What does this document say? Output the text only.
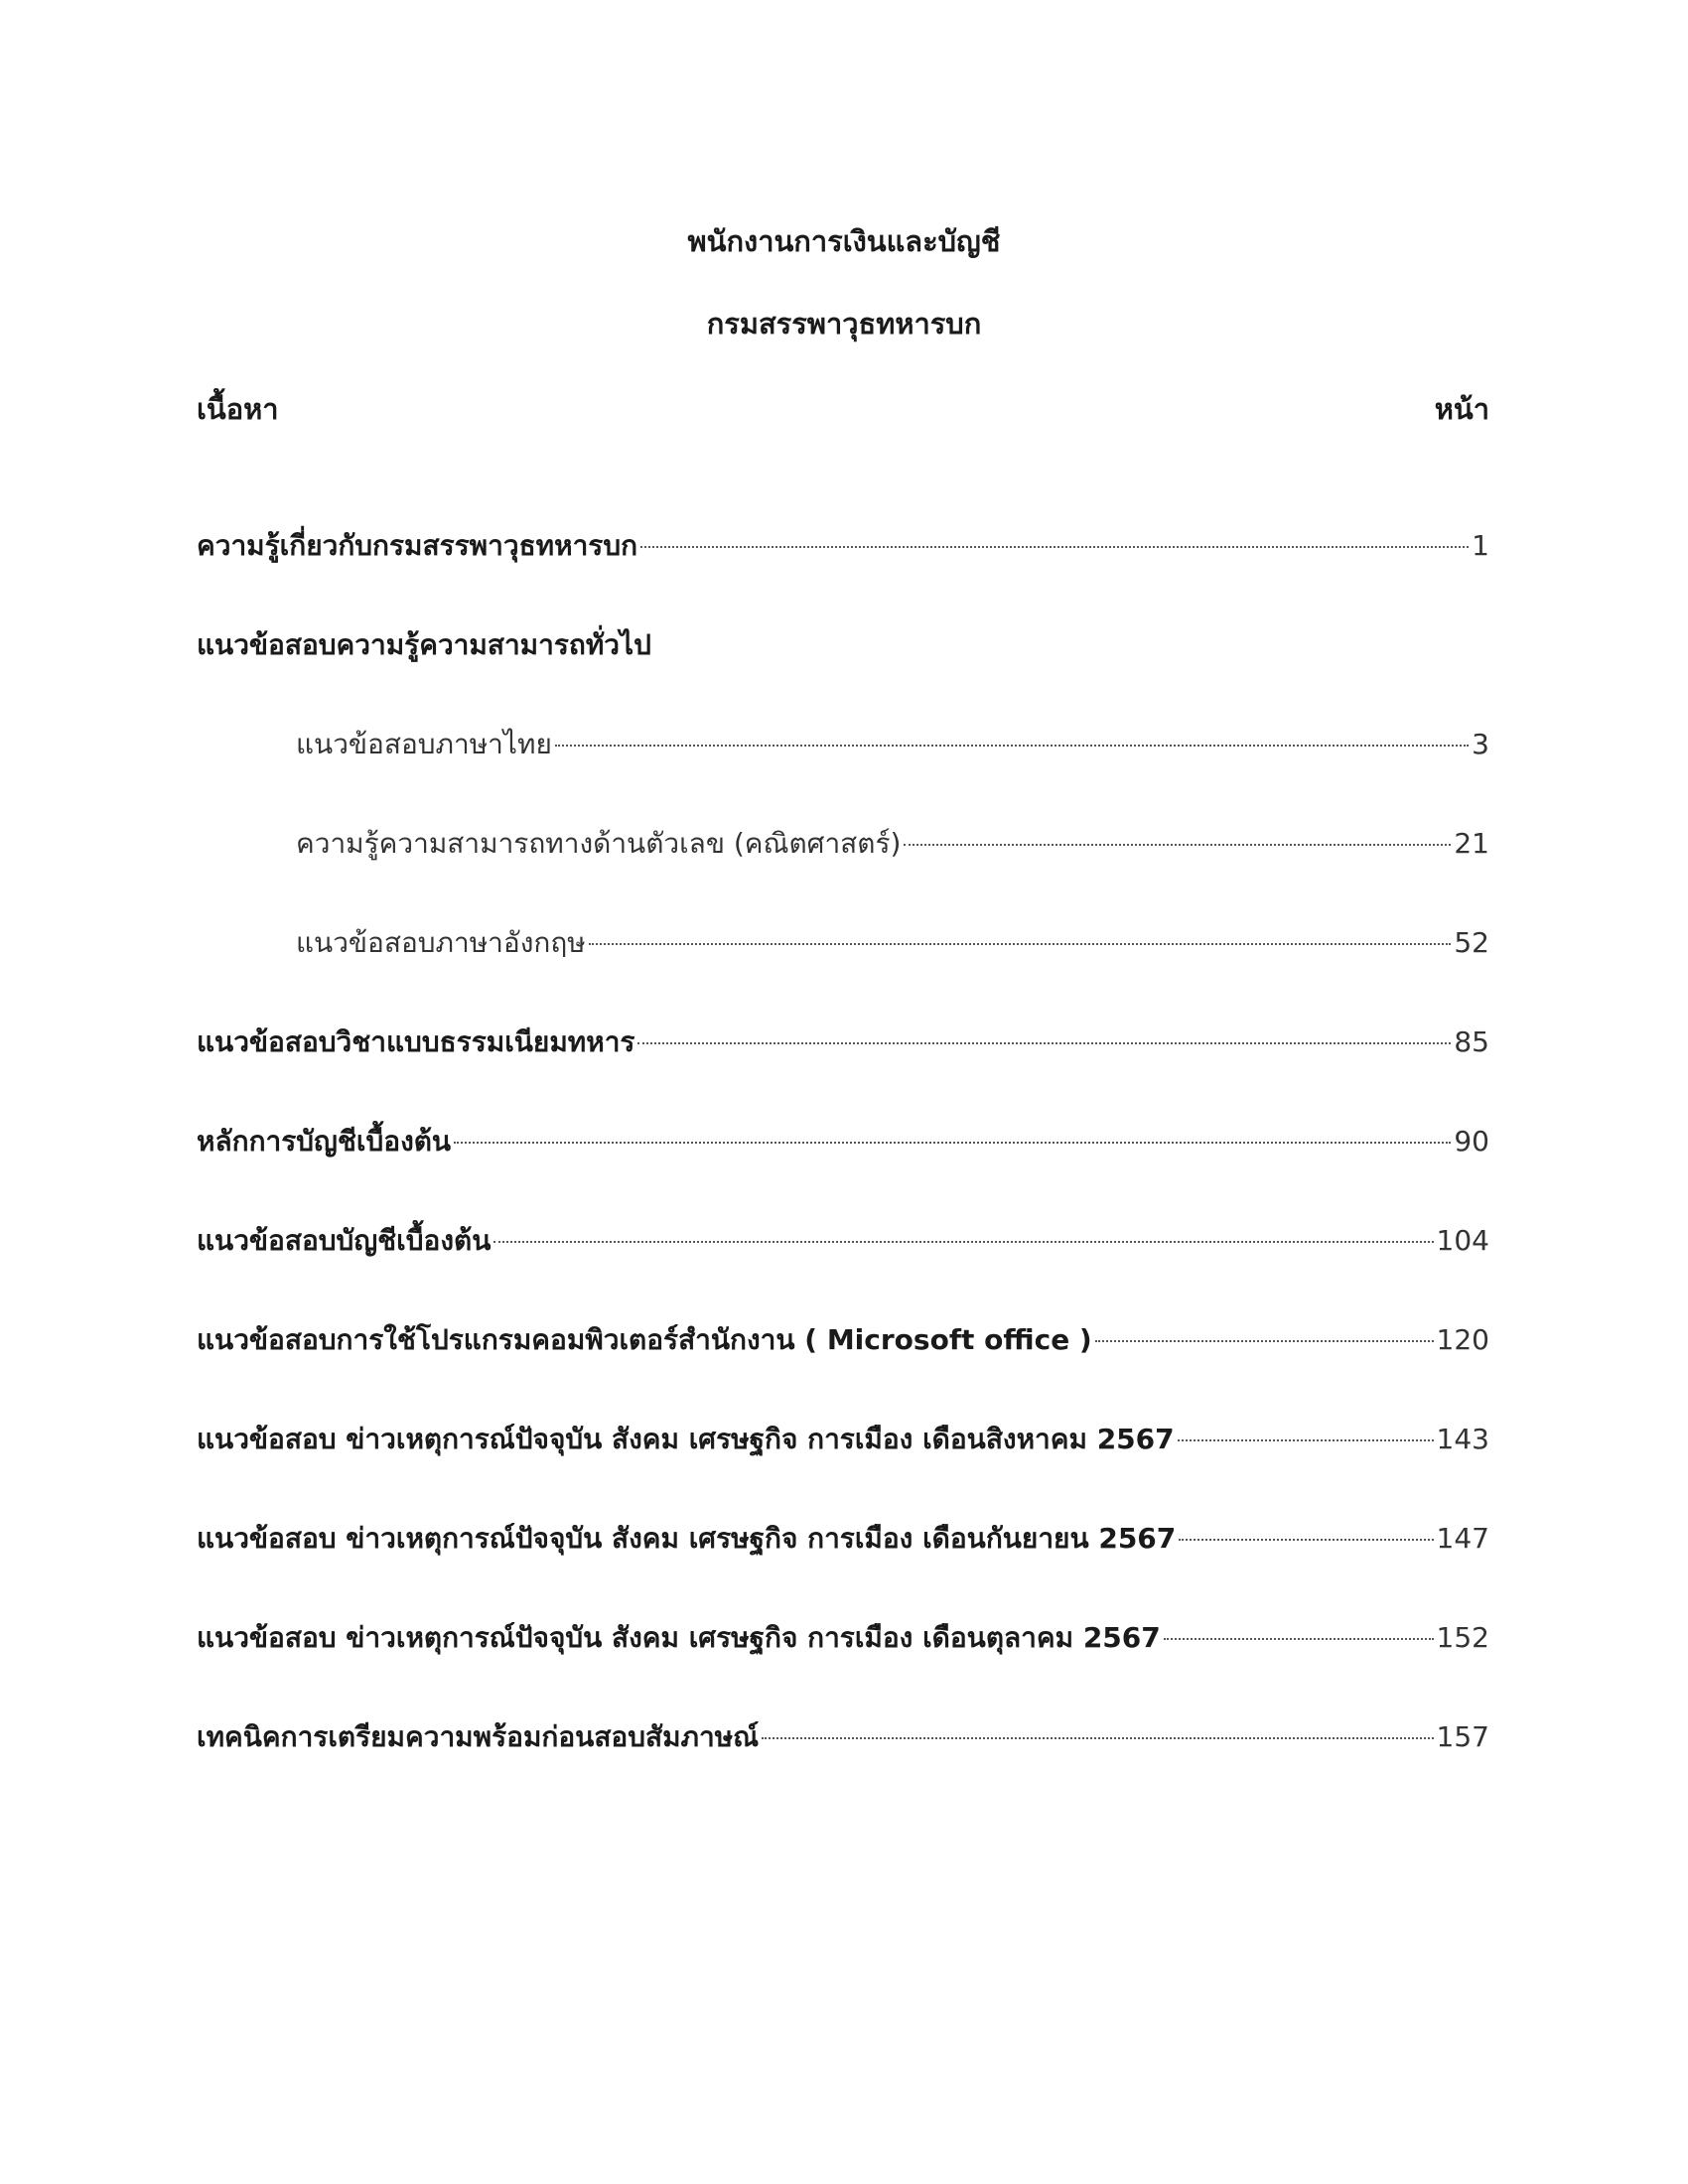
พนักงานการเงินและบัญชี
กรมสรรพาวุธทหารบก
เนื้อหา	หน้า
ความรู้เกี่ยวกับกรมสรรพาวุธทหารบก	1
แนวข้อสอบความรู้ความสามารถทั่วไป
แนวข้อสอบภาษาไทย	3
ความรู้ความสามารถทางด้านตัวเลข (คณิตศาสตร์)	21
แนวข้อสอบภาษาอังกฤษ	52
แนวข้อสอบวิชาแบบธรรมเนียมทหาร	85
หลักการบัญชีเบื้องต้น	90
แนวข้อสอบบัญชีเบื้องต้น	104
แนวข้อสอบการใช้โปรแกรมคอมพิวเตอร์สำนักงาน ( Microsoft office )	120
แนวข้อสอบ ข่าวเหตุการณ์ปัจจุบัน สังคม เศรษฐกิจ การเมือง เดือนสิงหาคม 2567	143
แนวข้อสอบ ข่าวเหตุการณ์ปัจจุบัน สังคม เศรษฐกิจ การเมือง เดือนกันยายน 2567	147
แนวข้อสอบ ข่าวเหตุการณ์ปัจจุบัน สังคม เศรษฐกิจ การเมือง เดือนตุลาคม 2567	152
เทคนิคการเตรียมความพร้อมก่อนสอบสัมภาษณ์	157
